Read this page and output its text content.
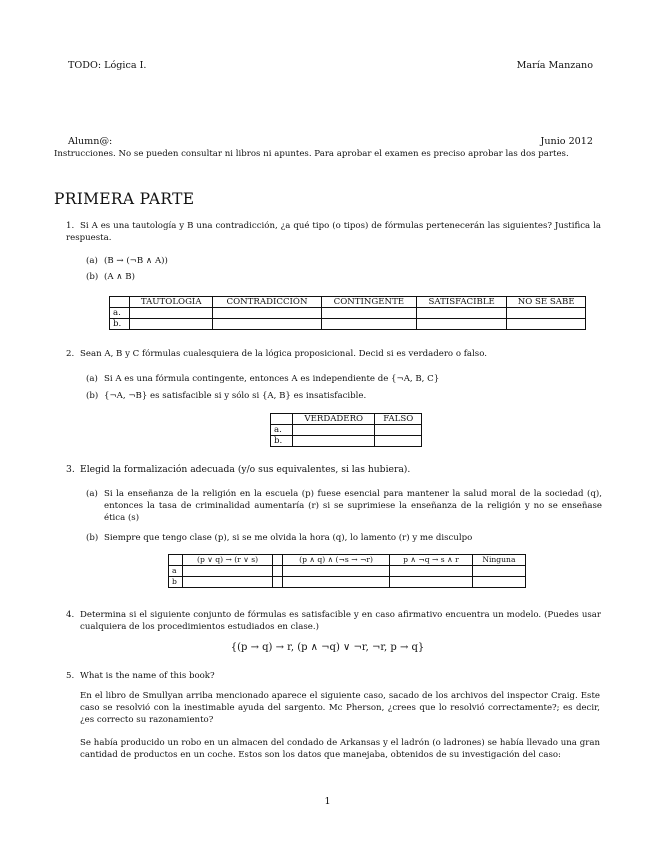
TODO: Lógica I.	María Manzano
Alumn@:	Junio 2012
Instrucciones. No se pueden consultar ni libros ni apuntes. Para aprobar el examen es preciso aprobar las dos partes.
PRIMERA PARTE
1. Si A es una tautología y B una contradicción, ¿a qué tipo (o tipos) de fórmulas pertenecerán las siguientes? Justifica la respuesta.
(a) (B → (¬B ∧ A))
(b) (A ∧ B)
	TAUTOLOGÍA	CONTRADICCIÓN	CONTINGENTE	SATISFACIBLE	NO SE SABE
a.					
b.					
2. Sean A, B y C fórmulas cualesquiera de la lógica proposicional. Decid si es verdadero o falso.
(a) Si A es una fórmula contingente, entonces A es independiente de {¬A, B, C}
(b) {¬A, ¬B} es satisfacible si y sólo si {A, B} es insatisfacible.
	VERDADERO	FALSO
a.		
b.		
3. Elegid la formalización adecuada (y/o sus equivalentes, si las hubiera).
(a) Si la enseñanza de la religión en la escuela (p) fuese esencial para mantener la salud moral de la sociedad (q), entonces la tasa de criminalidad aumentaría (r) si se suprimiese la enseñanza de la religión y no se enseñase ética (s)
(b) Siempre que tengo clase (p), si se me olvida la hora (q), lo lamento (r) y me disculpo
	(p ∨ q) → (r ∨ s)		(p ∧ q) ∧ (¬s → ¬r)	p ∧ ¬q → s ∧ r	Ninguna
a					
b					
4. Determina si el siguiente conjunto de fórmulas es satisfacible y en caso afirmativo encuentra un modelo. (Puedes usar cualquiera de los procedimientos estudiados en clase.)
{(p → q) → r, (p ∧ ¬q) ∨ ¬r, ¬r, p → q}
5. What is the name of this book?
En el libro de Smullyan arriba mencionado aparece el siguiente caso, sacado de los archivos del inspector Craig. Este caso se resolvió con la inestimable ayuda del sargento. Mc Pherson, ¿crees que lo resolvió correctamente?; es decir, ¿es correcto su razonamiento?
Se había producido un robo en un almacen del condado de Arkansas y el ladrón (o ladrones) se había llevado una gran cantidad de productos en un coche. Estos son los datos que manejaba, obtenidos de su investigación del caso:
1
